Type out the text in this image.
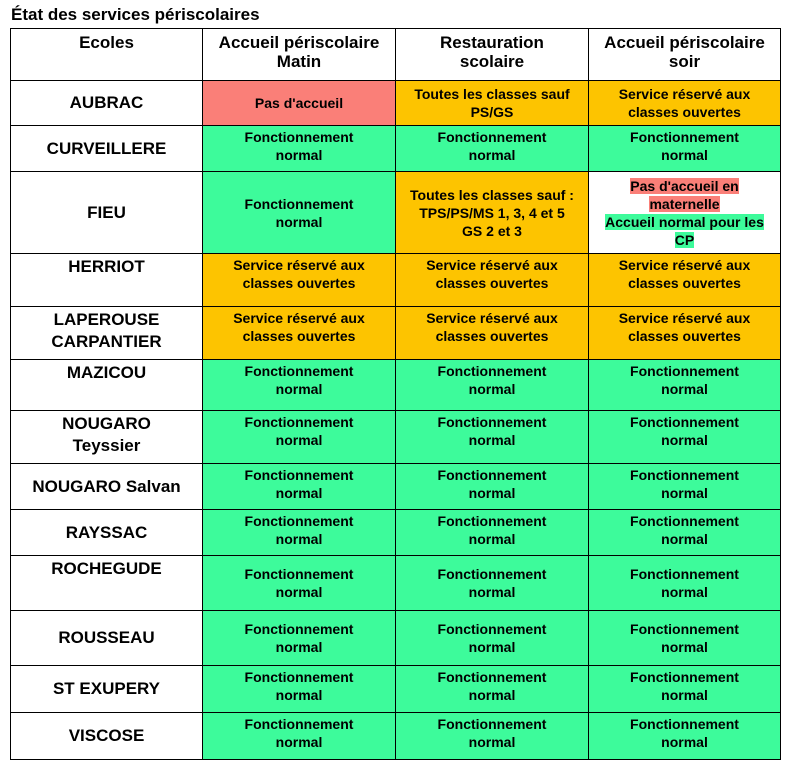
État des services périscolaires
Ecoles	Accueil périscolaire
Matin	Restauration
scolaire	Accueil périscolaire
soir
AUBRAC	Pas d'accueil	Toutes les classes sauf
PS/GS	Service réservé aux
classes ouvertes
CURVEILLERE	Fonctionnement
normal	Fonctionnement
normal	Fonctionnement
normal
FIEU	Fonctionnement
normal	Toutes les classes sauf :
TPS/PS/MS 1, 3, 4 et 5
GS 2 et 3	Pas d'accueil en
maternelle
Accueil normal pour les
CP
HERRIOT	Service réservé aux
classes ouvertes	Service réservé aux
classes ouvertes	Service réservé aux
classes ouvertes
LAPEROUSE
CARPANTIER	Service réservé aux
classes ouvertes	Service réservé aux
classes ouvertes	Service réservé aux
classes ouvertes
MAZICOU	Fonctionnement
normal	Fonctionnement
normal	Fonctionnement
normal
NOUGARO
Teyssier	Fonctionnement
normal	Fonctionnement
normal	Fonctionnement
normal
NOUGARO Salvan	Fonctionnement
normal	Fonctionnement
normal	Fonctionnement
normal
RAYSSAC	Fonctionnement
normal	Fonctionnement
normal	Fonctionnement
normal
ROCHEGUDE	Fonctionnement
normal	Fonctionnement
normal	Fonctionnement
normal
ROUSSEAU	Fonctionnement
normal	Fonctionnement
normal	Fonctionnement
normal
ST EXUPERY	Fonctionnement
normal	Fonctionnement
normal	Fonctionnement
normal
VISCOSE	Fonctionnement
normal	Fonctionnement
normal	Fonctionnement
normal
